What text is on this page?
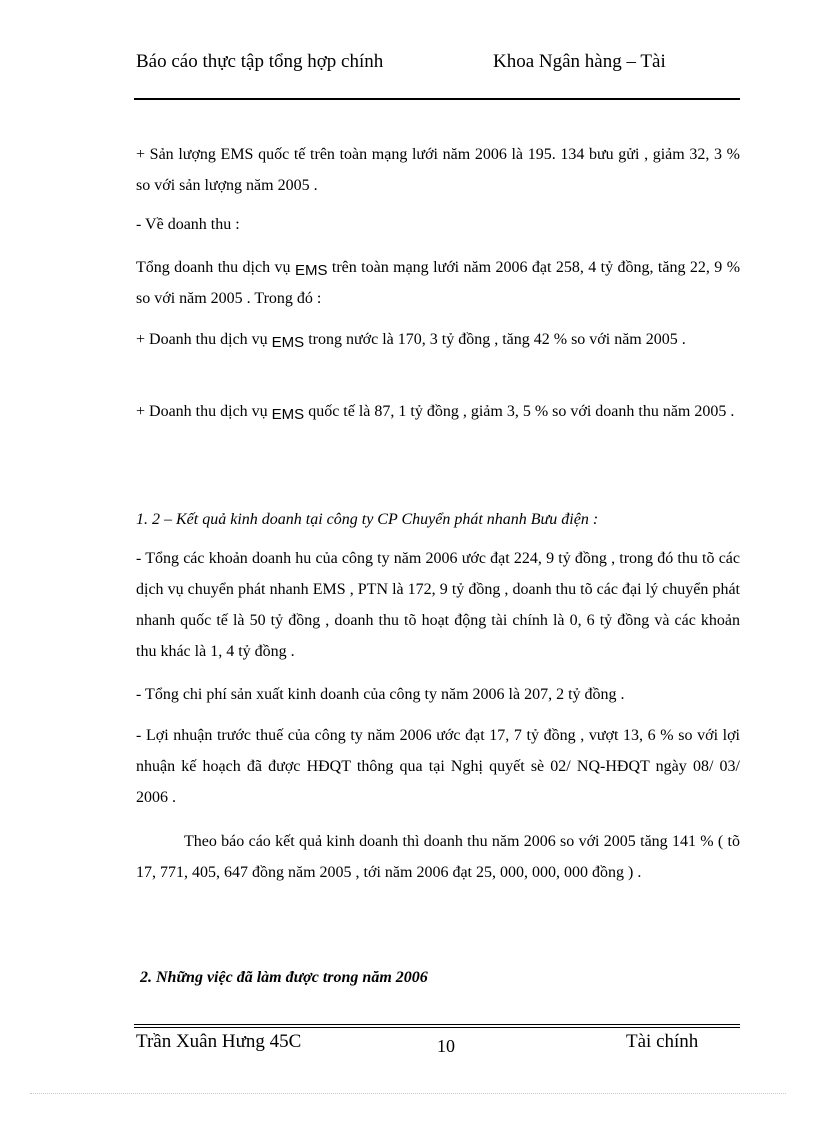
Báo cáo thực tập tổng hợp chính	Khoa Ngân hàng – Tài
+ Sản lượng EMS quốc tế trên toàn mạng lưới năm 2006 là 195. 134 bưu gửi , giảm 32, 3 % so với sản lượng năm 2005 .
- Về doanh thu :
Tổng doanh thu dịch vụ EMS trên toàn mạng lưới năm 2006 đạt 258, 4 tỷ đồng, tăng 22, 9 % so với năm 2005 . Trong đó :
+ Doanh thu dịch vụ EMS trong nước là 170, 3 tỷ đồng , tăng 42 % so với năm 2005 .
+ Doanh thu dịch vụ EMS quốc tế là 87, 1 tỷ đồng , giảm 3, 5 % so với doanh thu năm 2005 .
1. 2 – Kết quả kinh doanh tại công ty CP Chuyển phát nhanh Bưu điện :
- Tổng các khoản doanh hu của công ty năm 2006 ước đạt 224, 9 tỷ đồng , trong đó thu tõ các dịch vụ chuyển phát nhanh EMS , PTN là 172, 9 tỷ đồng , doanh thu tõ các đại lý chuyển phát nhanh quốc tế là 50 tỷ đồng , doanh thu tõ hoạt động tài chính là 0, 6 tỷ đồng và các khoản thu khác là 1, 4 tỷ đồng .
- Tổng chi phí sản xuất kinh doanh của công ty năm 2006 là 207, 2 tỷ đồng .
- Lợi nhuận trước thuế của công ty năm 2006 ước đạt 17, 7 tỷ đồng , vượt 13, 6 % so với lợi nhuận kế hoạch đã được HĐQT thông qua tại Nghị quyết sè 02/ NQ-HĐQT ngày 08/ 03/ 2006 .
Theo báo cáo kết quả kinh doanh thì doanh thu năm 2006 so với 2005 tăng 141 % ( tõ 17, 771, 405, 647 đồng năm 2005 , tới năm 2006 đạt 25, 000, 000, 000 đồng ) .
2. Những việc đã làm được trong năm 2006
Trần Xuân Hưng 45C	10	Tài chính
